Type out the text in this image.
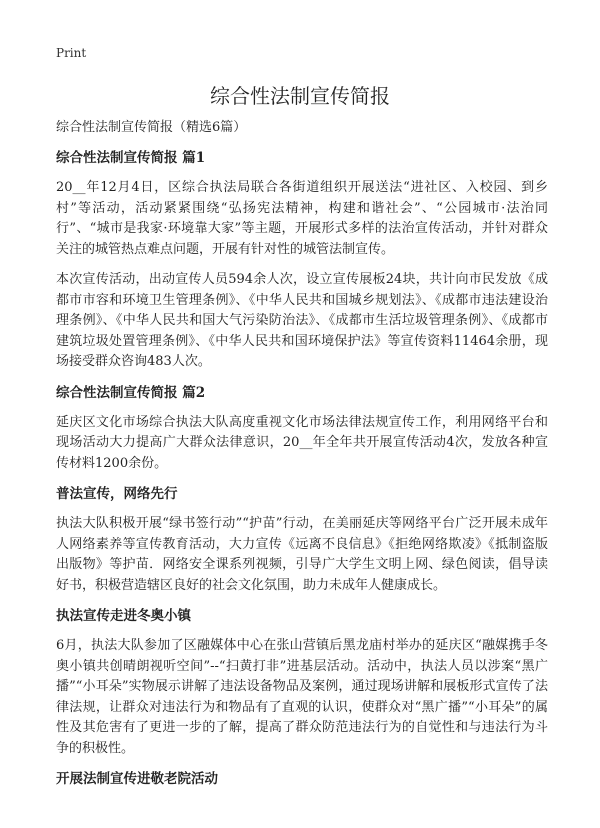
Print
综合性法制宣传简报
综合性法制宣传简报（精选6篇）
综合性法制宣传简报 篇1

20__年12月4日，区综合执法局联合各街道组织开展送法“进社区、入校园、到乡村”等活动，活动紧紧围绕“弘扬宪法精神，构建和谐社会”、“公园城市·法治同行”、“城市是我家·环境靠大家”等主题，开展形式多样的法治宣传活动，并针对群众关注的城管热点难点问题，开展有针对性的城管法制宣传。

本次宣传活动，出动宣传人员594余人次，设立宣传展板24块，共计向市民发放《成都市市容和环境卫生管理条例》、《中华人民共和国城乡规划法》、《成都市违法建设治理条例》、《中华人民共和国大气污染防治法》、《成都市生活垃圾管理条例》、《成都市建筑垃圾处置管理条例》、《中华人民共和国环境保护法》等宣传资料11464余册，现场接受群众咨询483人次。

综合性法制宣传简报 篇2

延庆区文化市场综合执法大队高度重视文化市场法律法规宣传工作，利用网络平台和现场活动大力提高广大群众法律意识，20__年全年共开展宣传活动4次，发放各种宣传材料1200余份。

普法宣传，网络先行

执法大队积极开展“绿书签行动”“护苗”行动，在美丽延庆等网络平台广泛开展未成年人网络素养等宣传教育活动，大力宣传《远离不良信息》《拒绝网络欺凌》《抵制盗版出版物》等护苗．网络安全课系列视频，引导广大学生文明上网、绿色阅读，倡导读好书，积极营造辖区良好的社会文化氛围，助力未成年人健康成长。

执法宣传走进冬奥小镇

6月，执法大队参加了区融媒体中心在张山营镇后黑龙庙村举办的延庆区“融媒携手冬奥小镇共创晴朗视听空间”--“扫黄打非”进基层活动。活动中，执法人员以涉案“黑广播”“小耳朵”实物展示讲解了违法设备物品及案例，通过现场讲解和展板形式宣传了法律法规，让群众对违法行为和物品有了直观的认识，使群众对“黑广播”“小耳朵”的属性及其危害有了更进一步的了解，提高了群众防范违法行为的自觉性和与违法行为斗争的积极性。

开展法制宣传进敬老院活动
